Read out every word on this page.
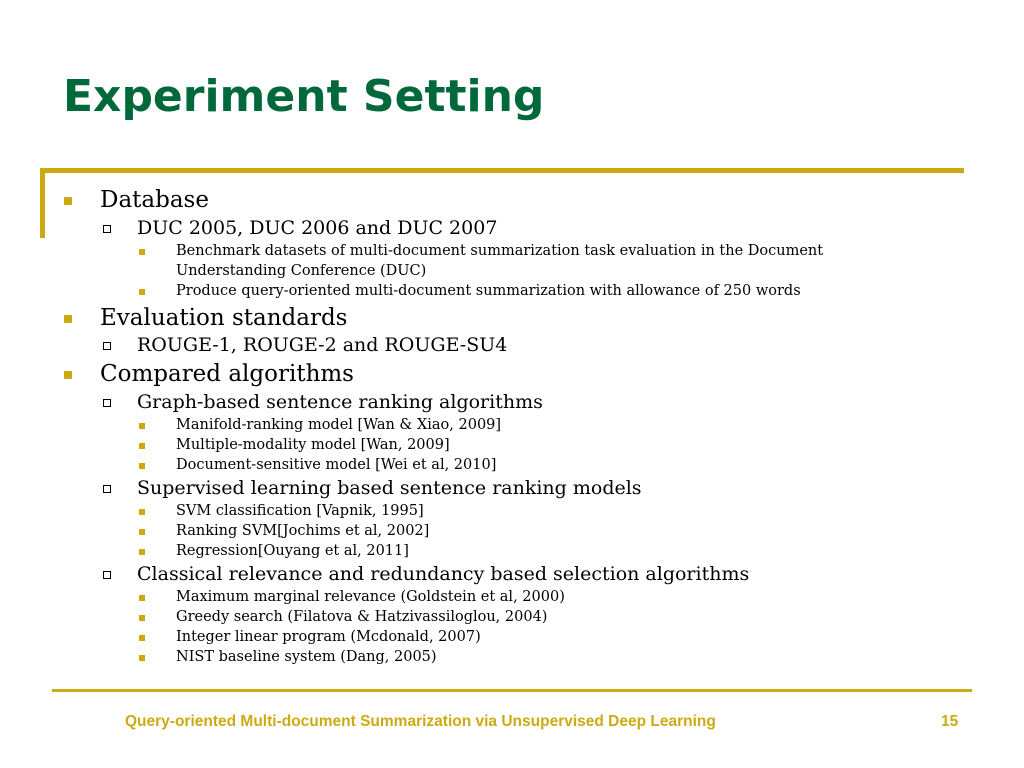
Experiment Setting
Database
DUC 2005, DUC 2006 and DUC 2007
Benchmark datasets of multi-document summarization task evaluation in the Document
Understanding Conference (DUC)
Produce query-oriented multi-document summarization with allowance of 250 words
Evaluation standards
ROUGE-1, ROUGE-2 and ROUGE-SU4
Compared algorithms
Graph-based sentence ranking algorithms
Manifold-ranking model [Wan & Xiao, 2009]
Multiple-modality model [Wan, 2009]
Document-sensitive model [Wei et al, 2010]
Supervised learning based sentence ranking models
SVM classification [Vapnik, 1995]
Ranking SVM[Jochims et al, 2002]
Regression[Ouyang et al, 2011]
Classical relevance and redundancy based selection algorithms
Maximum marginal relevance (Goldstein et al, 2000)
Greedy search (Filatova & Hatzivassiloglou, 2004)
Integer linear program (Mcdonald, 2007)
NIST baseline system (Dang, 2005)
Query-oriented Multi-document Summarization via Unsupervised Deep Learning	15
